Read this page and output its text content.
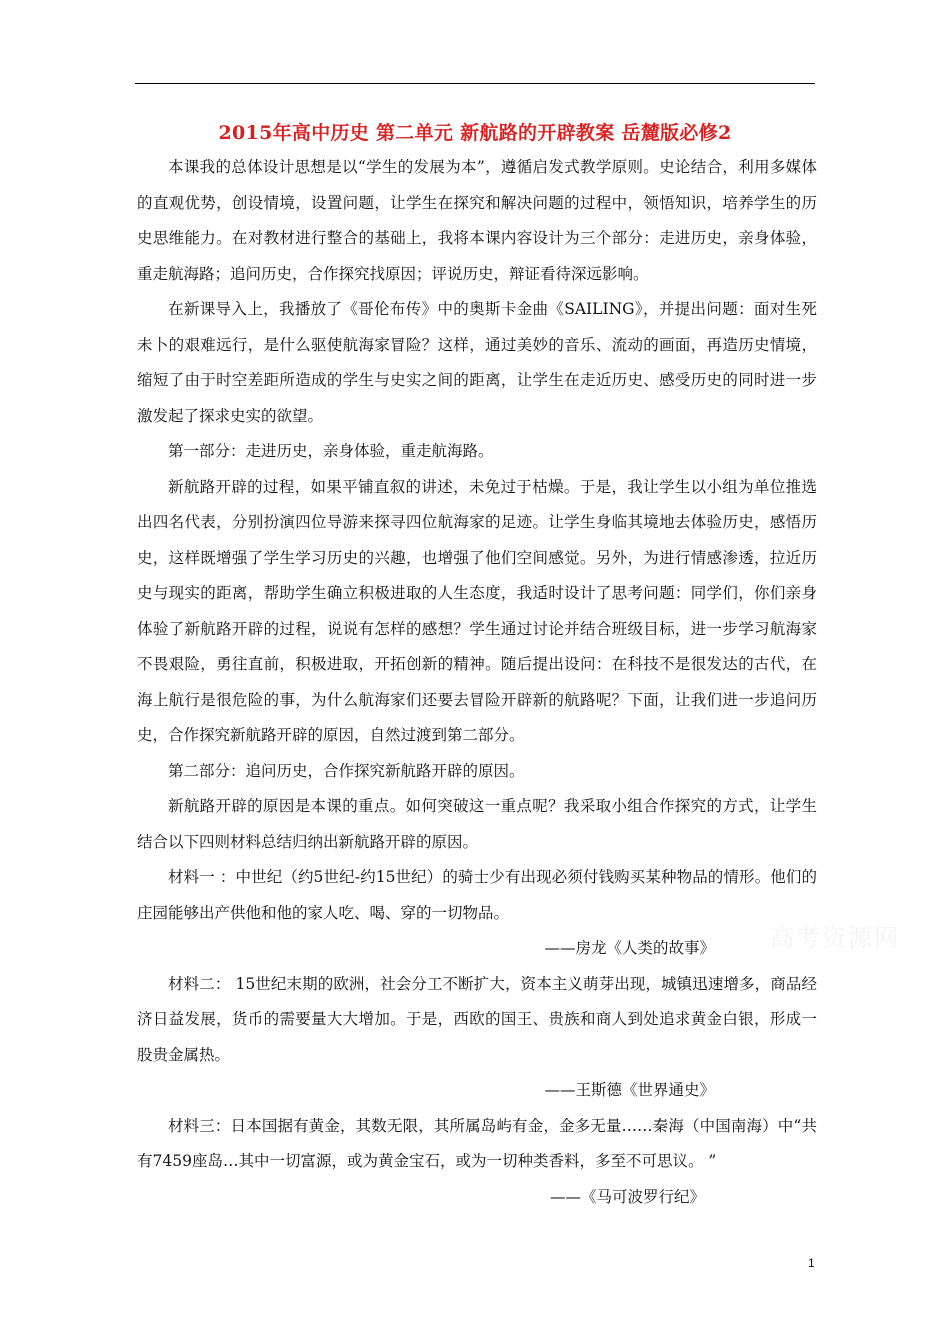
2015年高中历史 第二单元 新航路的开辟教案 岳麓版必修2

本课我的总体设计思想是以“学生的发展为本”，遵循启发式教学原则。史论结合，利用多媒体的直观优势，创设情境，设置问题，让学生在探究和解决问题的过程中，领悟知识，培养学生的历史思维能力。在对教材进行整合的基础上，我将本课内容设计为三个部分：走进历史，亲身体验，重走航海路；追问历史，合作探究找原因；评说历史，辩证看待深远影响。

在新课导入上，我播放了《哥伦布传》中的奥斯卡金曲《SAILING》，并提出问题：面对生死未卜的艰难远行，是什么驱使航海家冒险？这样，通过美妙的音乐、流动的画面，再造历史情境，缩短了由于时空差距所造成的学生与史实之间的距离，让学生在走近历史、感受历史的同时进一步激发起了探求史实的欲望。

第一部分：走进历史，亲身体验，重走航海路。

新航路开辟的过程，如果平铺直叙的讲述，未免过于枯燥。于是，我让学生以小组为单位推选出四名代表，分别扮演四位导游来探寻四位航海家的足迹。让学生身临其境地去体验历史，感悟历史，这样既增强了学生学习历史的兴趣，也增强了他们空间感觉。另外，为进行情感渗透，拉近历史与现实的距离，帮助学生确立积极进取的人生态度，我适时设计了思考问题：同学们，你们亲身体验了新航路开辟的过程，说说有怎样的感想？学生通过讨论并结合班级目标，进一步学习航海家不畏艰险，勇往直前，积极进取，开拓创新的精神。随后提出设问：在科技不是很发达的古代，在海上航行是很危险的事，为什么航海家们还要去冒险开辟新的航路呢？下面，让我们进一步追问历史，合作探究新航路开辟的原因，自然过渡到第二部分。

第二部分：追问历史，合作探究新航路开辟的原因。

新航路开辟的原因是本课的重点。如何突破这一重点呢？我采取小组合作探究的方式，让学生结合以下四则材料总结归纳出新航路开辟的原因。

材料一 ：中世纪（约5世纪-约15世纪）的骑士少有出现必须付钱购买某种物品的情形。他们的庄园能够出产供他和他的家人吃、喝、穿的一切物品。

——房龙《人类的故事》

材料二： 15世纪末期的欧洲，社会分工不断扩大，资本主义萌芽出现，城镇迅速增多，商品经济日益发展，货币的需要量大大增加。于是，西欧的国王、贵族和商人到处追求黄金白银，形成一股贵金属热。

——王斯德《世界通史》

材料三：日本国据有黄金，其数无限，其所属岛屿有金，金多无量……秦海（中国南海）中“共有7459座岛…其中一切富源，或为黄金宝石，或为一切种类香料，多至不可思议。 ”

——《马可波罗行纪》

高考资源网
1
